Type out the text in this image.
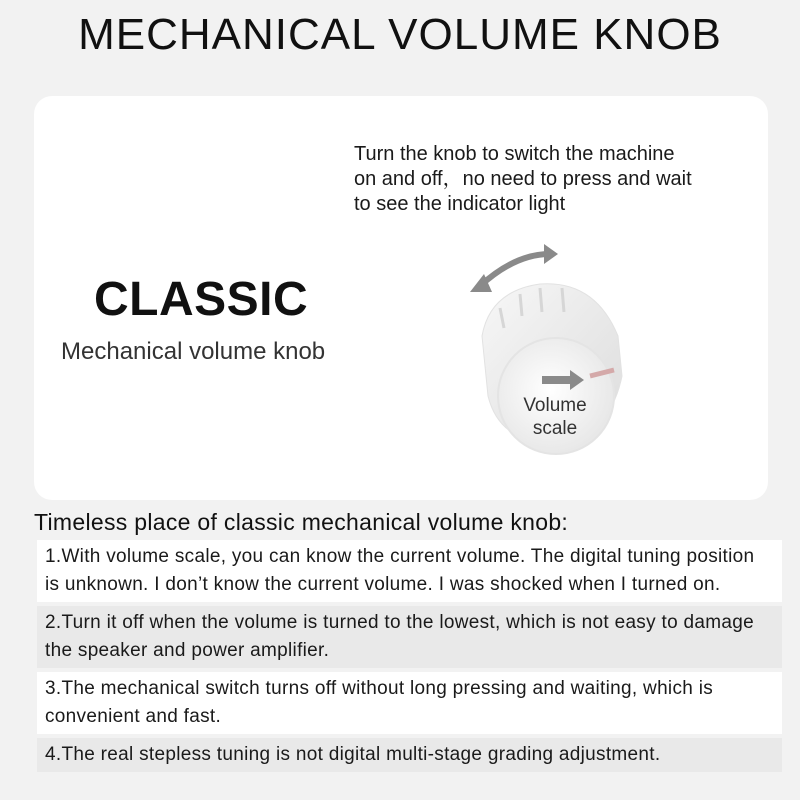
MECHANICAL VOLUME KNOB
Turn the knob to switch the machine
on and off，no need to press and wait
to see the indicator light
CLASSIC
Mechanical volume knob
Volume
scale
Timeless place of classic mechanical volume knob:
1.With volume scale, you can know the current volume. The digital tuning position is unknown. I don’t know the current volume. I was shocked when I turned on.
2.Turn it off when the volume is turned to the lowest, which is not easy to damage the speaker and power amplifier.
3.The mechanical switch turns off without long pressing and waiting, which is convenient and fast.
4.The real stepless tuning is not digital multi-stage grading adjustment.
